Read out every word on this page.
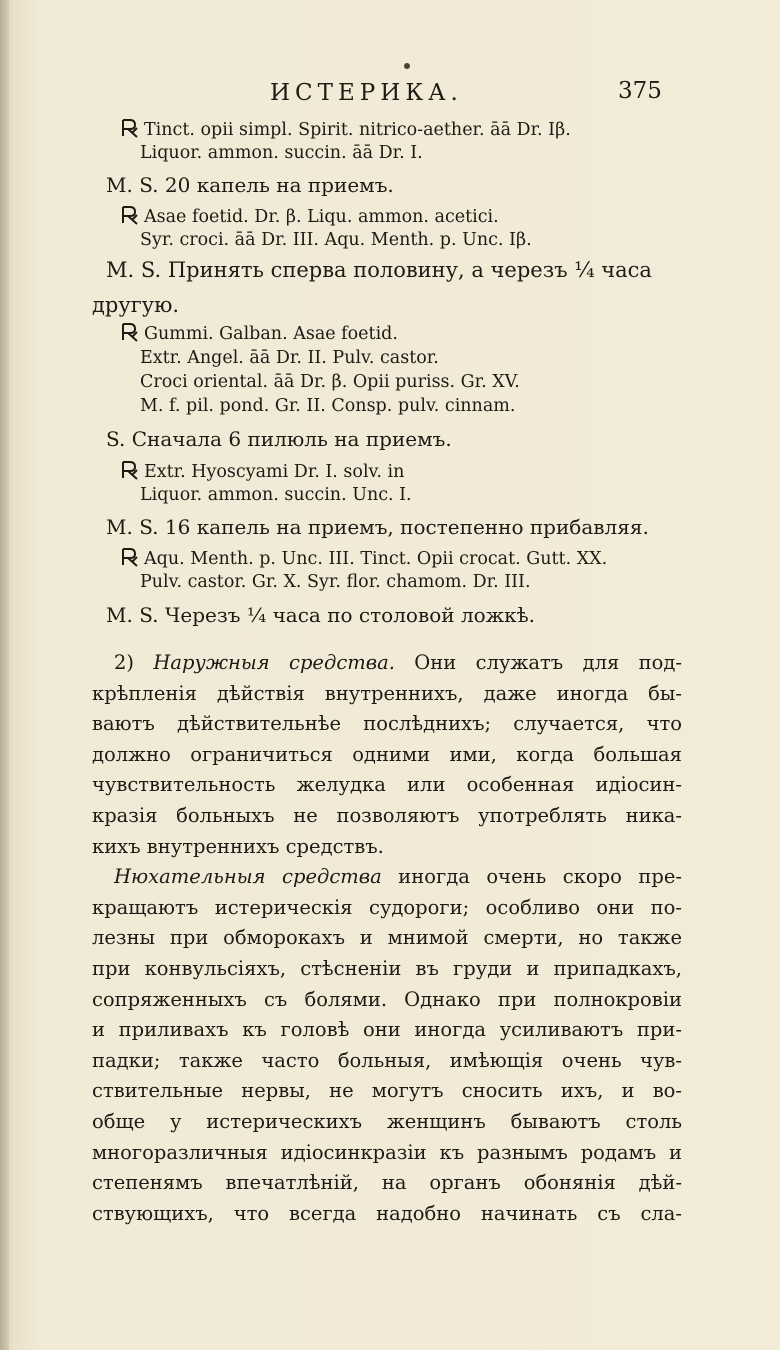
ИСТЕРИКА.	375
Tinct. opii simpl. Spirit. nitrico-aether. āā Dr. Iβ.
Liquor. ammon. succin. āā Dr. I.
M. S. 20 капель на приемъ.
Asae foetid. Dr. β. Liqu. ammon. acetici.
Syr. croci. āā Dr. III. Aqu. Menth. p. Unc. Iβ.
M. S. Принять сперва половину, а черезъ ¼ часа
другую.
Gummi. Galban. Asae foetid.
Extr. Angel. āā Dr. II. Pulv. castor.
Croci oriental. āā Dr. β. Opii puriss. Gr. XV.
M. f. pil. pond. Gr. II. Consp. pulv. cinnam.
S. Сначала 6 пилюль на приемъ.
Extr. Hyoscyami Dr. I. solv. in
Liquor. ammon. succin. Unc. I.
M. S. 16 капель на приемъ, постепенно прибавляя.
Aqu. Menth. p. Unc. III. Tinct. Opii crocat. Gutt. XX.
Pulv. castor. Gr. X. Syr. flor. chamom. Dr. III.
M. S. Черезъ ¼ часа по столовой ложкѣ.
2) Наружныя средства. Они служатъ для под-
крѣпленія дѣйствія внутреннихъ, даже иногда бы-
ваютъ дѣйствительнѣе послѣднихъ; случается, что
должно ограничиться одними ими, когда большая
чувствительность желудка или особенная идіосин-
кразія больныхъ не позволяютъ употреблять ника-
кихъ внутреннихъ средствъ.
Нюхательныя средства иногда очень скоро пре-
кращаютъ истерическія судороги; особливо они по-
лезны при обморокахъ и мнимой смерти, но также
при конвульсіяхъ, стѣсненіи въ груди и припадкахъ,
сопряженныхъ съ болями. Однако при полнокровіи
и приливахъ къ головѣ они иногда усиливаютъ при-
падки; также часто больныя, имѣющія очень чув-
ствительные нервы, не могутъ сносить ихъ, и во-
обще у истерическихъ женщинъ бываютъ столь
многоразличныя идіосинкразіи къ разнымъ родамъ и
степенямъ впечатлѣній, на органъ обонянія дѣй-
ствующихъ, что всегда надобно начинать съ сла-
